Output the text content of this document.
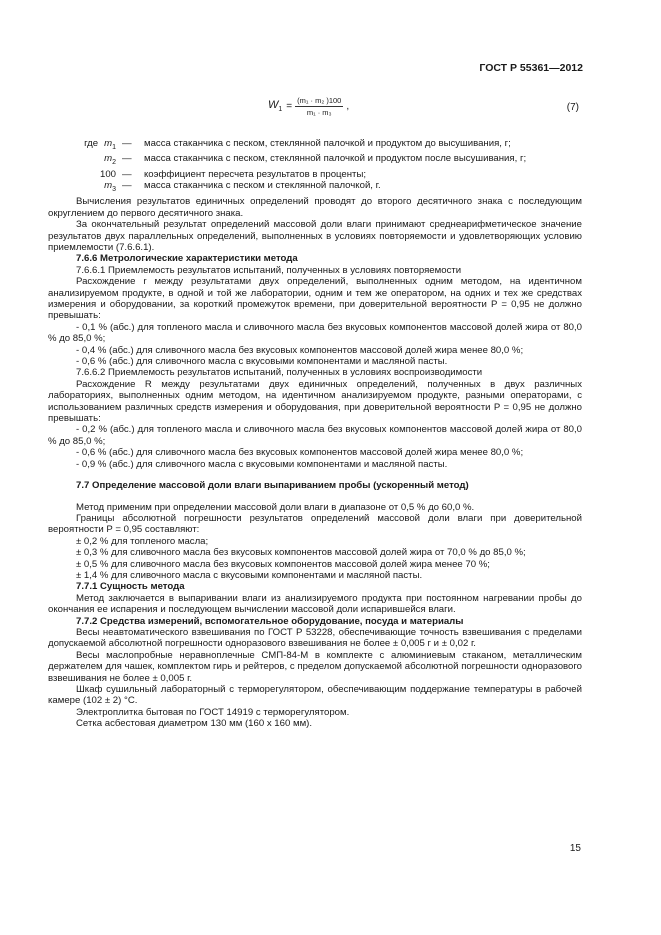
ГОСТ Р 55361—2012
$W_1 = \frac{\text{(m₁ · m₂ )100}}{\text{m₁ · m₃}}$ ,	(7)
где $m_1$ —	масса стаканчика с песком, стеклянной палочкой и продуктом до высушивания, г;
$m_2$ —	масса стаканчика с песком, стеклянной палочкой и продуктом после высушивания, г;
100 —	коэффициент пересчета результатов в проценты;
$m_3$ —	масса стаканчика с песком и стеклянной палочкой, г.

Вычисления результатов единичных определений проводят до второго десятичного знака с последующим округлением до первого десятичного знака.

За окончательный результат определений массовой доли влаги принимают среднеарифметическое значение результатов двух параллельных определений, выполненных в условиях повторяемости и удовлетворяющих условию приемлемости (7.6.6.1).

7.6.6 Метрологические характеристики метода

7.6.6.1 Приемлемость результатов испытаний, полученных в условиях повторяемости

Расхождение r между результатами двух определений, выполненных одним методом, на идентичном анализируемом продукте, в одной и той же лаборатории, одним и тем же оператором, на одних и тех же средствах измерения и оборудовании, за короткий промежуток времени, при доверительной вероятности P = 0,95 не должно превышать:

- 0,1 % (абс.) для топленого масла и сливочного масла без вкусовых компонентов массовой долей жира от 80,0 % до 85,0 %;

- 0,4 % (абс.) для сливочного масла без вкусовых компонентов массовой долей жира менее 80,0 %;

- 0,6 % (абс.) для сливочного масла с вкусовыми компонентами и масляной пасты.

7.6.6.2 Приемлемость результатов испытаний, полученных в условиях воспроизводимости

Расхождение R между результатами двух единичных определений, полученных в двух различных лабораториях, выполненных одним методом, на идентичном анализируемом продукте, разными операторами, с использованием различных средств измерения и оборудования, при доверительной вероятности P = 0,95 не должно превышать:

- 0,2 % (абс.) для топленого масла и сливочного масла без вкусовых компонентов массовой долей жира от 80,0 % до 85,0 %;

- 0,6 % (абс.) для сливочного масла без вкусовых компонентов массовой долей жира менее 80,0 %;

- 0,9 % (абс.) для сливочного масла с вкусовыми компонентами и масляной пасты.

7.7 Определение массовой доли влаги выпариванием пробы (ускоренный метод)

Метод применим при определении массовой доли влаги в диапазоне от 0,5 % до 60,0 %.

Границы абсолютной погрешности результатов определений массовой доли влаги при доверительной вероятности P = 0,95 составляют:

± 0,2 % для топленого масла;

± 0,3 % для сливочного масла без вкусовых компонентов массовой долей жира от 70,0 % до 85,0 %;

± 0,5 % для сливочного масла без вкусовых компонентов массовой долей жира менее 70 %;

± 1,4 % для сливочного масла с вкусовыми компонентами и масляной пасты.

7.7.1 Сущность метода

Метод заключается в выпаривании влаги из анализируемого продукта при постоянном нагревании пробы до окончания ее испарения и последующем вычислении массовой доли испарившейся влаги.

7.7.2 Средства измерений, вспомогательное оборудование, посуда и материалы

Весы неавтоматического взвешивания по ГОСТ Р 53228, обеспечивающие точность взвешивания с пределами допускаемой абсолютной погрешности одноразового взвешивания не более ± 0,005 г и ± 0,02 г.

Весы маслопробные неравноплечные СМП-84-М в комплекте с алюминиевым стаканом, металлическим держателем для чашек, комплектом гирь и рейтеров, с пределом допускаемой абсолютной погрешности одноразового взвешивания не более ± 0,005 г.

Шкаф сушильный лабораторный с терморегулятором, обеспечивающим поддержание температуры в рабочей камере (102 ± 2) °С.

Электроплитка бытовая по ГОСТ 14919 с терморегулятором.

Сетка асбестовая диаметром 130 мм (160 х 160 мм).

15
